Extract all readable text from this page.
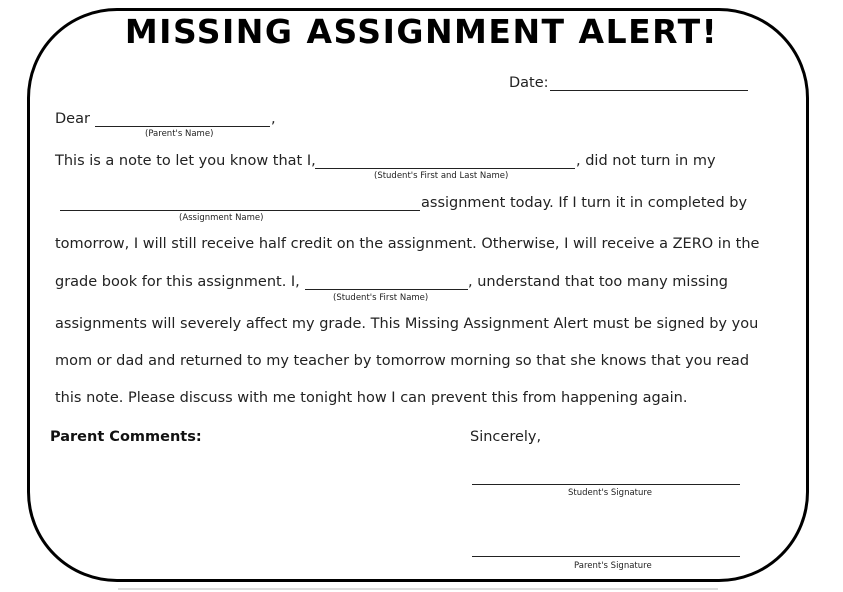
MISSING ASSIGNMENT ALERT!
Date:
Dear	,
(Parent's Name)
This is a note to let you know that I,	, did not turn in my
(Student's First and Last Name)
assignment today. If I turn it in completed by
(Assignment Name)
tomorrow, I will still receive half credit on the assignment. Otherwise, I will receive a ZERO in the
grade book for this assignment. I,	, understand that too many missing
(Student's First Name)
assignments will severely affect my grade. This Missing Assignment Alert must be signed by you
mom or dad and returned to my teacher by tomorrow morning so that she knows that you read
this note. Please discuss with me tonight how I can prevent this from happening again.
Parent Comments:	Sincerely,
Student's Signature
Parent's Signature
